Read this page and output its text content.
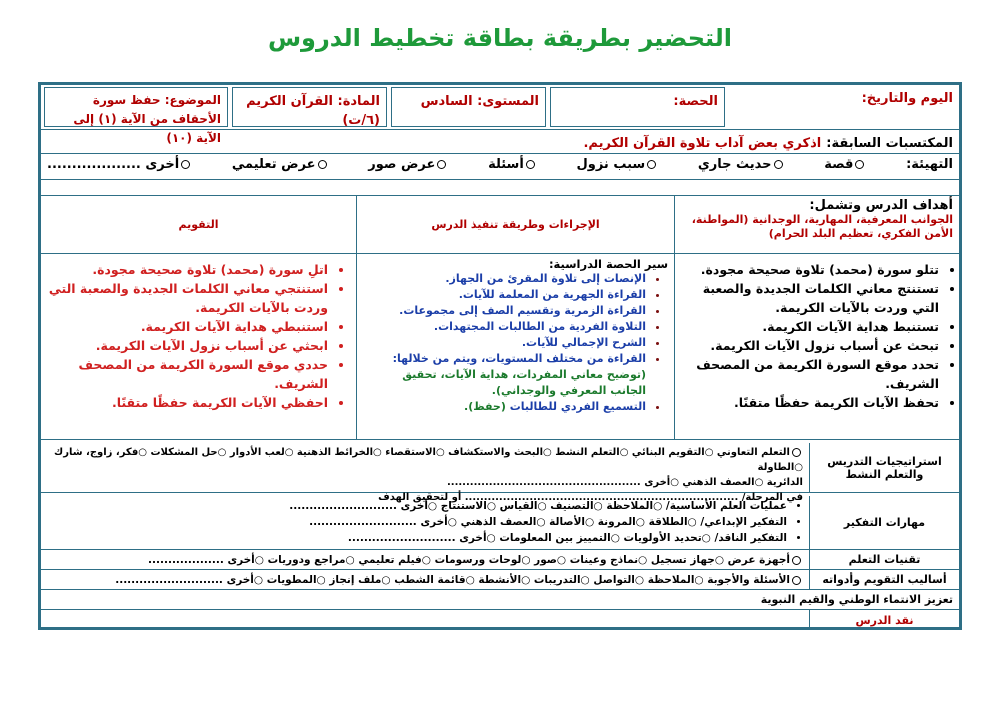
التحضير بطريقة بطاقة تخطيط الدروس
اليوم والتاريخ:
الحصة:
المستوى: السادس
المادة: القرآن الكريم (٦/ت)
الموضوع: حفظ سورة الأحقاف من الآية (١) إلى الآية (١٠)	المكتسبات السابقة: اذكري بعض آداب تلاوة القرآن الكريم.
التهيئة:
قصة
حديث جاري
سبب نزول
أسئلة
عرض صور
عرض تعليمي
أخرى ...................
أهداف الدرس وتشمل:
الجوانب المعرفية، المهارية، الوجدانية (المواطنة، الأمن الفكري، تعظيم البلد الحرام)
الإجراءات وطريقة تنفيذ الدرس
التقويم
• تتلو سورة (محمد) تلاوة صحيحة مجودة.
• تستنتج معاني الكلمات الجديدة والصعبة التي وردت بالآيات الكريمة.
• تستنبط هداية الآيات الكريمة.
• تبحث عن أسباب نزول الآيات الكريمة.
• تحدد موقع السورة الكريمة من المصحف الشريف.
• تحفظ الآيات الكريمة حفظًا متقنًا.
سير الحصة الدراسية:
• الإنصات إلى تلاوة المقرئ من الجهاز.
• القراءة الجهرية من المعلمة للآيات.
• القراءة الزمرية وتقسيم الصف إلى مجموعات.
• التلاوة الفردية من الطالبات المجتهدات.
• الشرح الإجمالي للآيات.
• القراءة من مختلف المستويات، ويتم من خلالها: (توضيح معاني المفردات، هداية الآيات، تحقيق الجانب المعرفي والوجداني).
• التسميع الفردي للطالبات (حفظ).
• اتلِ سورة (محمد) تلاوة صحيحة مجودة.
• استنتجي معاني الكلمات الجديدة والصعبة التي وردت بالآيات الكريمة.
• استنبطي هداية الآيات الكريمة.
• ابحثي عن أسباب نزول الآيات الكريمة.
• حددي موقع السورة الكريمة من المصحف الشريف.
• احفظي الآيات الكريمة حفظًا متقنًا.
استراتيجيات التدريس والتعلم النشط
التعلم التعاوني ○التقويم البنائي ○التعلم النشط ○البحث والاستكشاف ○الاستقصاء ○الخرائط الذهنية ○لعب الأدوار ○حل المشكلات ○فكر، زاوج، شارك ○الطاولة
الدائرية ○العصف الذهني ○أخرى ...................................................
في المرحلة/ ........................................................................ أو لتحقيق الهدف
مهارات التفكير
• عمليات العلم الأساسية/ ○الملاحظة ○التصنيف ○القياس ○الاستنتاج ○أخرى ...........................
• التفكير الإبداعي/ ○الطلاقة ○المرونة ○الأصالة ○العصف الذهني ○أخرى ...........................
• التفكير الناقد/ ○تحديد الأولويات ○التمييز بين المعلومات ○أخرى ...........................
تقنيات التعلم
أجهزة عرض ○جهاز تسجيل ○نماذج وعينات ○صور ○لوحات ورسومات ○فيلم تعليمي ○مراجع ودوريات ○أخرى ...................
أساليب التقويم وأدواته
الأسئلة والأجوبة ○الملاحظة ○التواصل ○التدريبات ○الأنشطة ○قائمة الشطب ○ملف إنجاز ○المطويات ○أخرى ...........................
تعزيز الانتماء الوطني والقيم النبوية
نقد الدرس
